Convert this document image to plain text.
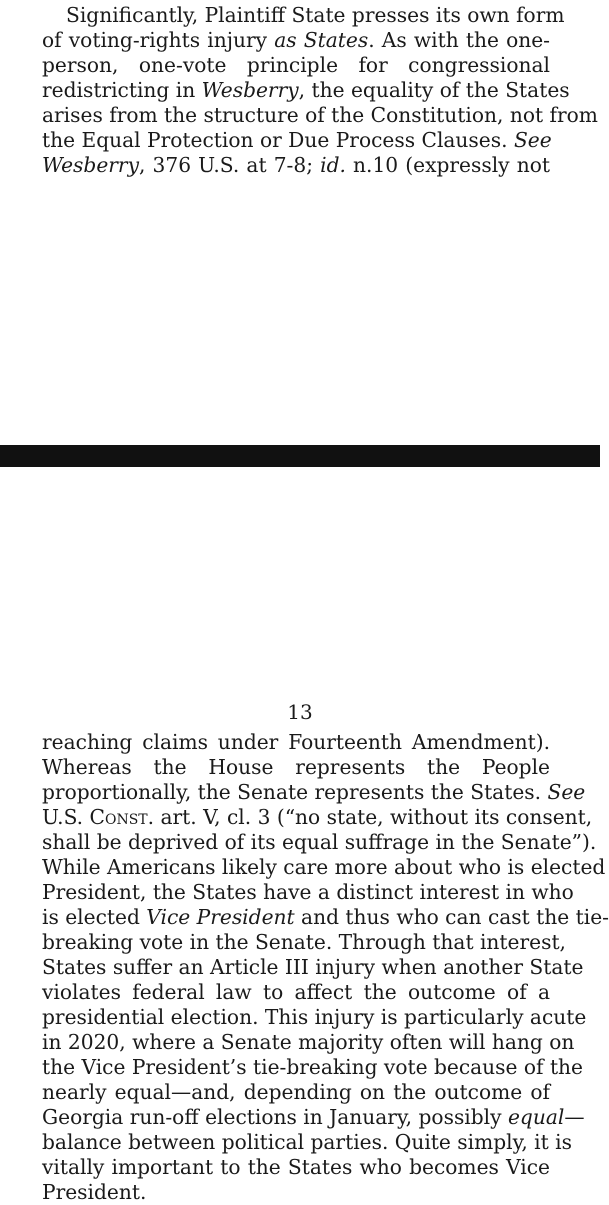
Significantly, Plaintiff State presses its own form
of voting-rights injury as States. As with the one-
person, one-vote principle for congressional
redistricting in Wesberry, the equality of the States
arises from the structure of the Constitution, not from
the Equal Protection or Due Process Clauses. See
Wesberry, 376 U.S. at 7-8; id. n.10 (expressly not
13
reaching claims under Fourteenth Amendment).
Whereas the House represents the People
proportionally, the Senate represents the States. See
U.S. Const. art. V, cl. 3 (“no state, without its consent,
shall be deprived of its equal suffrage in the Senate”).
While Americans likely care more about who is elected
President, the States have a distinct interest in who
is elected Vice President and thus who can cast the tie-
breaking vote in the Senate. Through that interest,
States suffer an Article III injury when another State
violates federal law to affect the outcome of a
presidential election. This injury is particularly acute
in 2020, where a Senate majority often will hang on
the Vice President’s tie-breaking vote because of the
nearly equal—and, depending on the outcome of
Georgia run-off elections in January, possibly equal—
balance between political parties. Quite simply, it is
vitally important to the States who becomes Vice
President.
